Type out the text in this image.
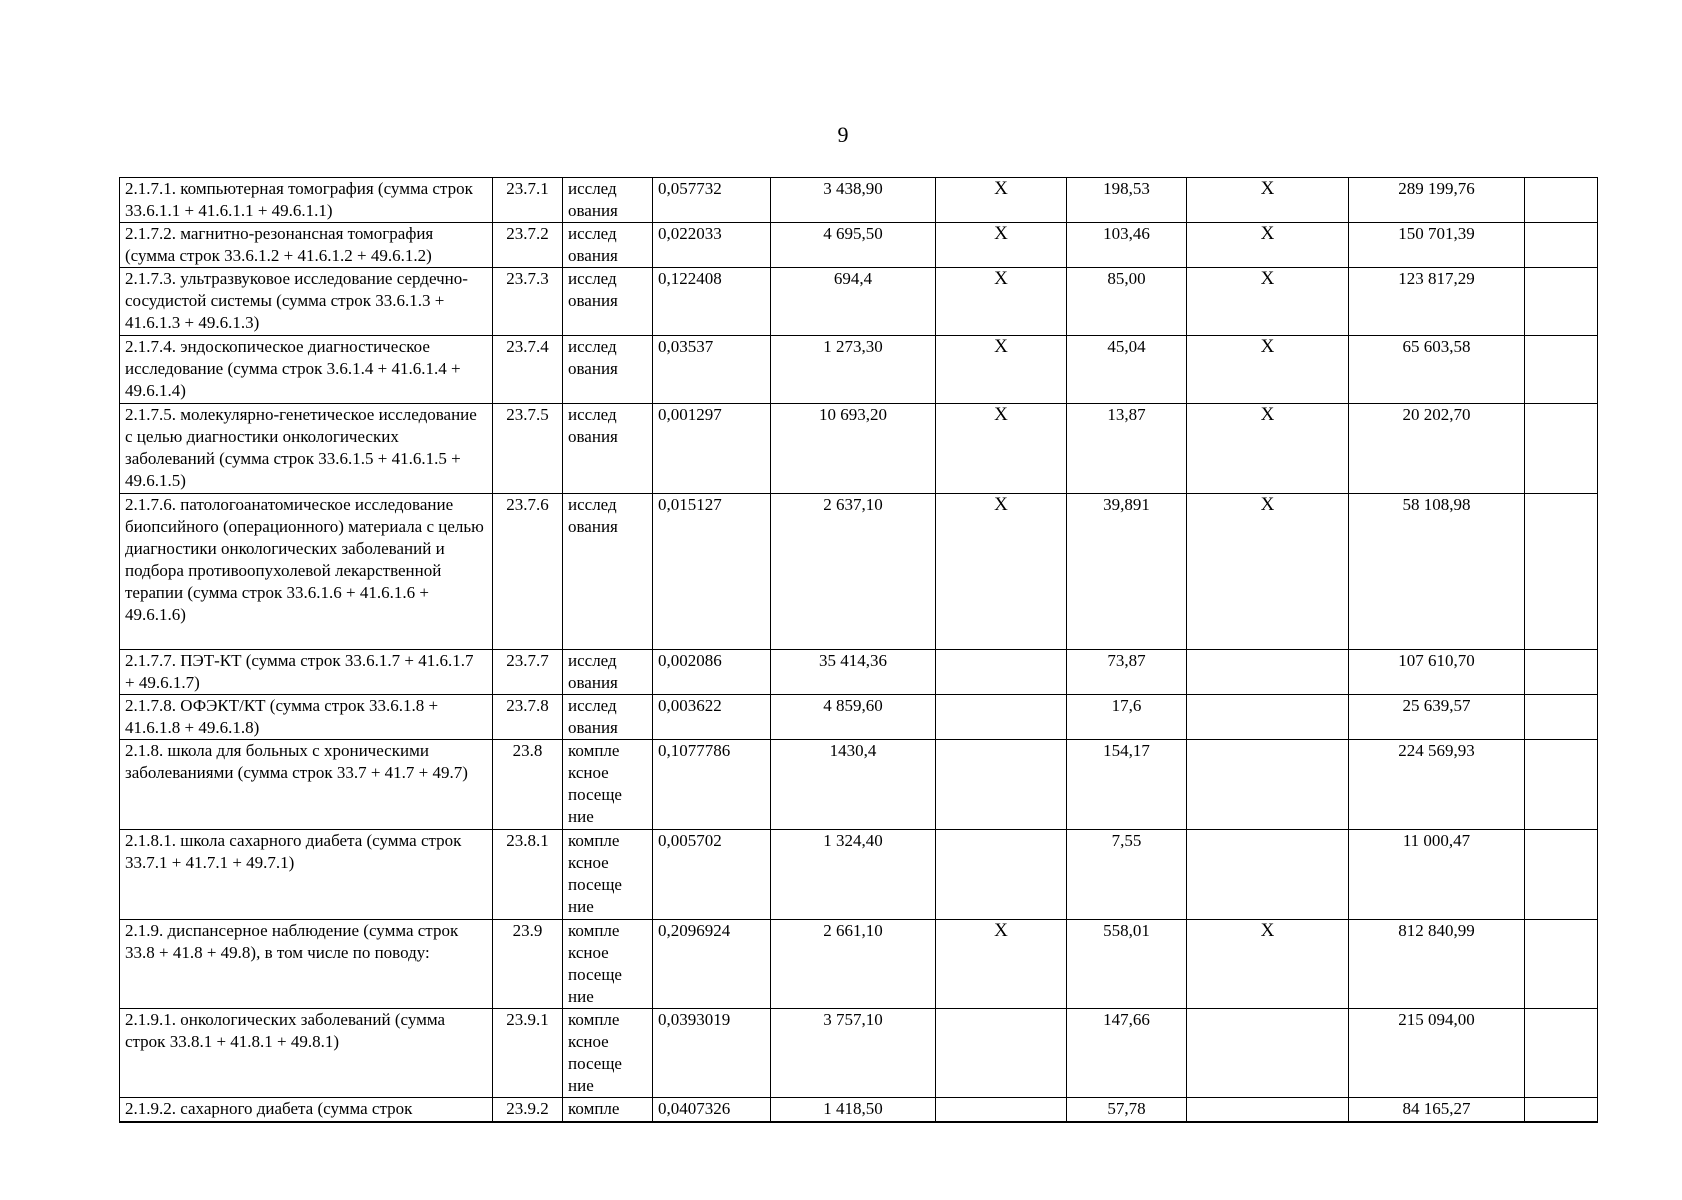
9
2.1.7.1. компьютерная томография (сумма строк 33.6.1.1 + 41.6.1.1 + 49.6.1.1)	23.7.1	исслед ования	0,057732	3 438,90	Х	198,53	Х	289 199,76	
2.1.7.2. магнитно-резонансная томография (сумма строк 33.6.1.2 + 41.6.1.2 + 49.6.1.2)	23.7.2	исслед ования	0,022033	4 695,50	Х	103,46	Х	150 701,39	
2.1.7.3. ультразвуковое исследование сердечно-сосудистой системы (сумма строк 33.6.1.3 + 41.6.1.3 + 49.6.1.3)	23.7.3	исслед ования	0,122408	694,4	Х	85,00	Х	123 817,29	
2.1.7.4. эндоскопическое диагностическое исследование (сумма строк 3.6.1.4 + 41.6.1.4 + 49.6.1.4)	23.7.4	исслед ования	0,03537	1 273,30	Х	45,04	Х	65 603,58	
2.1.7.5. молекулярно-генетическое исследование с целью диагностики онкологических заболеваний (сумма строк 33.6.1.5 + 41.6.1.5 + 49.6.1.5)	23.7.5	исслед ования	0,001297	10 693,20	Х	13,87	Х	20 202,70	
2.1.7.6. патологоанатомическое исследование биопсийного (операционного) материала с целью диагностики онкологических заболеваний и подбора противоопухолевой лекарственной терапии (сумма строк 33.6.1.6 + 41.6.1.6 + 49.6.1.6)	23.7.6	исслед ования	0,015127	2 637,10	Х	39,891	Х	58 108,98	
2.1.7.7. ПЭТ-КТ (сумма строк 33.6.1.7 + 41.6.1.7 + 49.6.1.7)	23.7.7	исслед ования	0,002086	35 414,36		73,87		107 610,70	
2.1.7.8. ОФЭКТ/КТ (сумма строк 33.6.1.8 + 41.6.1.8 + 49.6.1.8)	23.7.8	исслед ования	0,003622	4 859,60		17,6		25 639,57	
2.1.8. школа для больных с хроническими заболеваниями (сумма строк 33.7 + 41.7 + 49.7)	23.8	компле ксное посеще ние	0,1077786	1430,4		154,17		224 569,93	
2.1.8.1. школа сахарного диабета (сумма строк 33.7.1 + 41.7.1 + 49.7.1)	23.8.1	компле ксное посеще ние	0,005702	1 324,40		7,55		11 000,47	
2.1.9. диспансерное наблюдение (сумма строк 33.8 + 41.8 + 49.8), в том числе по поводу:	23.9	компле ксное посеще ние	0,2096924	2 661,10	Х	558,01	Х	812 840,99	
2.1.9.1. онкологических заболеваний (сумма строк 33.8.1 + 41.8.1 + 49.8.1)	23.9.1	компле ксное посеще ние	0,0393019	3 757,10		147,66		215 094,00	
2.1.9.2. сахарного диабета (сумма строк	23.9.2	компле	0,0407326	1 418,50		57,78		84 165,27	
